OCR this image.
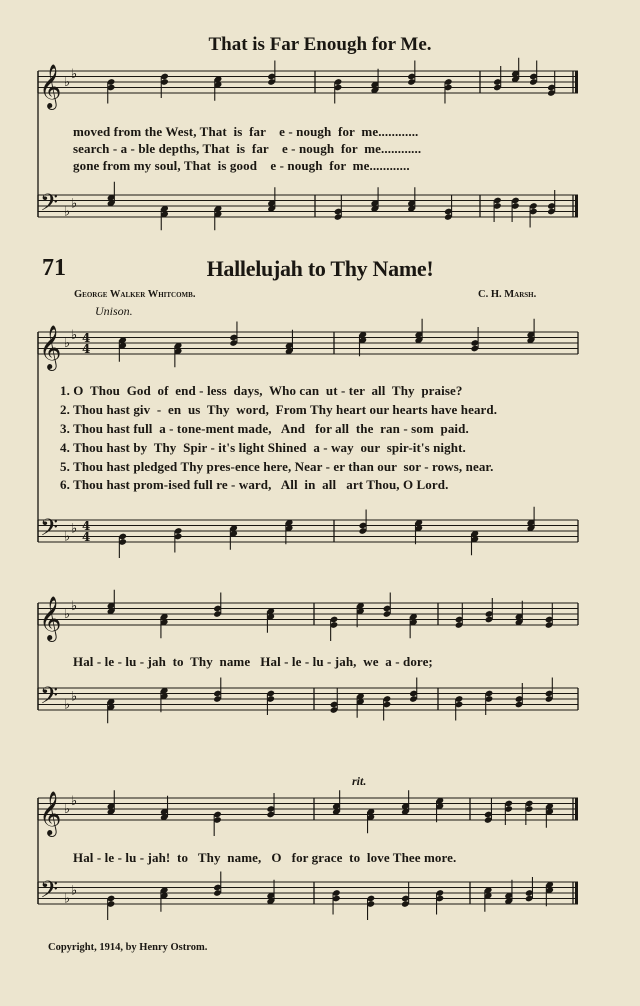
𝄞 ♭
♭
𝄢 ♭
♭
𝄞 ♭
♭ 4
4
𝄢 ♭
♭ 4
4
𝄞 ♭
♭
𝄢 ♭
♭
𝄞 ♭
♭
𝄢 ♭
♭
That is Far Enough for Me.
moved from the West, That  is  far    e - nough  for  me............
search - a - ble depths, That  is  far    e - nough  for  me............
gone from my soul, That  is good    e - nough  for  me............
71	Hallelujah to Thy Name!
George Walker Whitcomb.	C. H. Marsh.
Unison.
1. O  Thou  God  of  end - less  days,  Who can  ut - ter  all  Thy  praise?
2. Thou hast giv  -  en  us  Thy  word,  From Thy heart our hearts have heard.
3. Thou hast full  a - tone-ment made,   And   for all  the  ran - som  paid.
4. Thou hast by  Thy  Spir - it's light Shined  a - way  our  spir-it's night.
5. Thou hast pledged Thy pres-ence here, Near - er than our  sor - rows, near.
6. Thou hast prom-ised full re - ward,   All  in  all   art Thou, O Lord.
Hal - le - lu - jah  to  Thy  name   Hal - le - lu - jah,  we  a - dore;
rit.
Hal - le - lu - jah!  to   Thy  name,   O   for grace  to  love Thee more.
Copyright, 1914, by Henry Ostrom.
